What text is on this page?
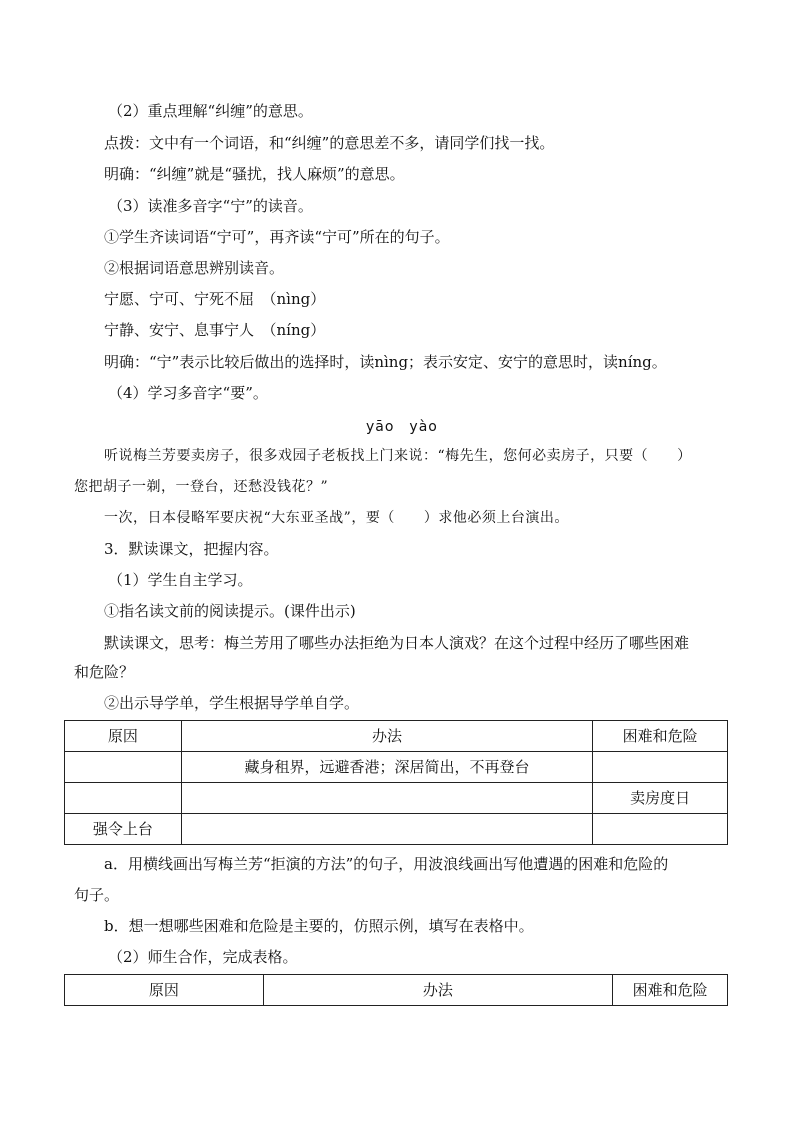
（2）重点理解“纠缠”的意思。
点拨：文中有一个词语，和“纠缠”的意思差不多，请同学们找一找。
明确：“纠缠”就是“骚扰，找人麻烦”的意思。
（3）读准多音字“宁”的读音。
①学生齐读词语“宁可”，再齐读“宁可”所在的句子。
②根据词语意思辨别读音。
宁愿、宁可、宁死不屈　（nìng）
宁静、安宁、息事宁人　（níng）
明确：“宁”表示比较后做出的选择时，读nìng；表示安定、安宁的意思时，读níng。
（4）学习多音字“要”。
yāo　yào
听说梅兰芳要卖房子，很多戏园子老板找上门来说：“梅先生，您何必卖房子，只要（　　）
您把胡子一剃，一登台，还愁没钱花？”
一次，日本侵略军要庆祝“大东亚圣战”，要（　　）求他必须上台演出。
3．默读课文，把握内容。
（1）学生自主学习。
①指名读文前的阅读提示。(课件出示)
默读课文，思考：梅兰芳用了哪些办法拒绝为日本人演戏？在这个过程中经历了哪些困难
和危险？
②出示导学单，学生根据导学单自学。
原因	办法	困难和危险
	藏身租界，远避香港；深居简出，不再登台	
		卖房度日
强令上台		
a．用横线画出写梅兰芳“拒演的方法”的句子，用波浪线画出写他遭遇的困难和危险的
句子。
b．想一想哪些困难和危险是主要的，仿照示例，填写在表格中。
（2）师生合作，完成表格。
原因	办法	困难和危险
